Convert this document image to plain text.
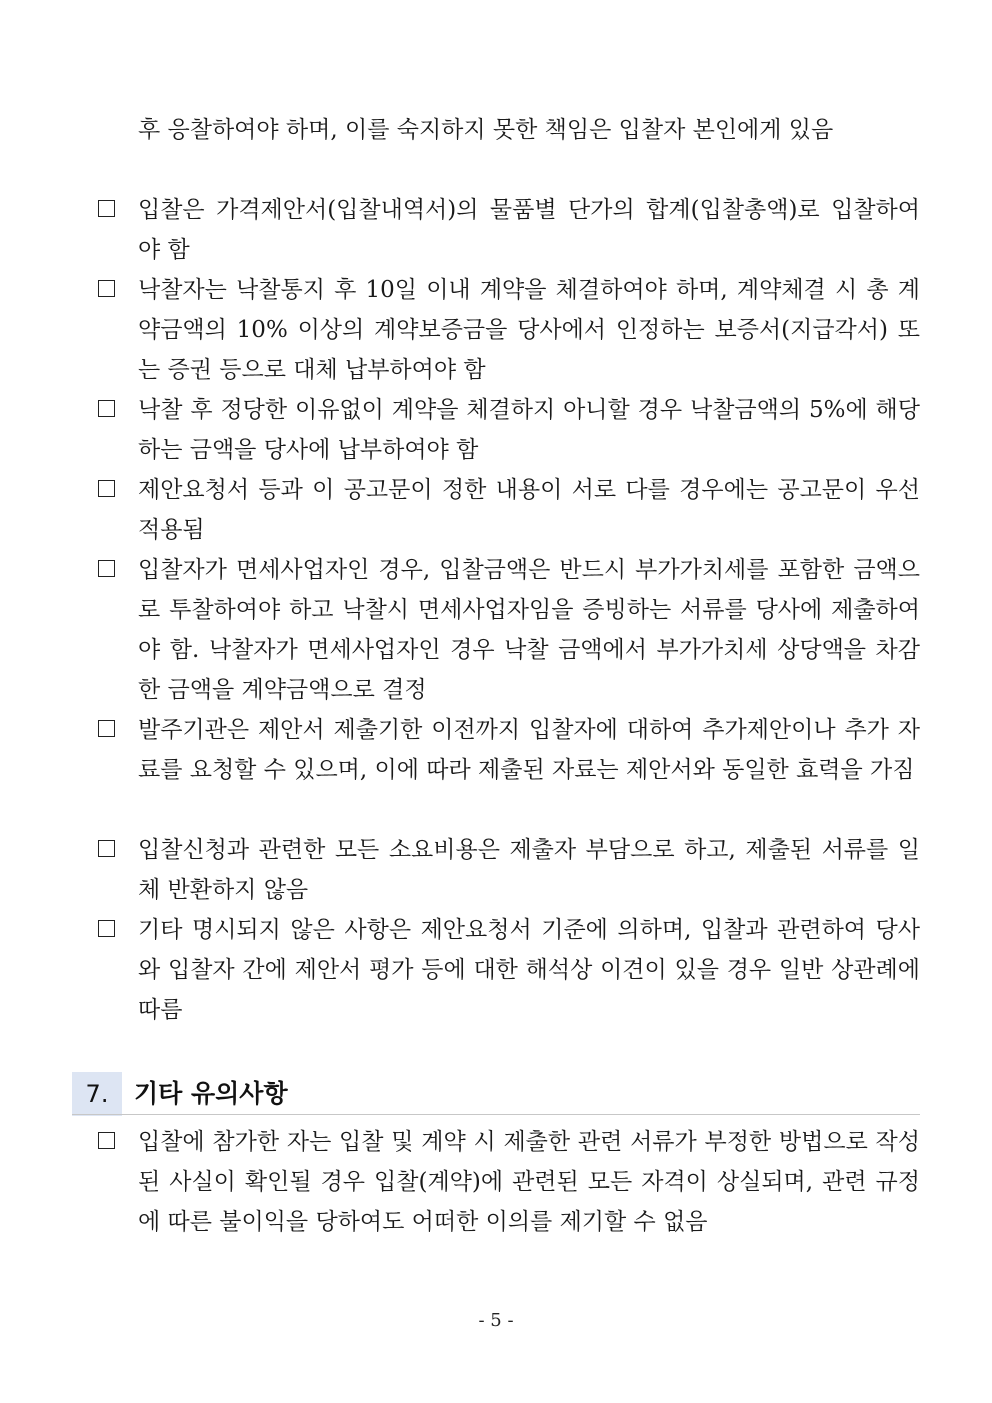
후 응찰하여야 하며, 이를 숙지하지 못한 책임은 입찰자 본인에게 있음

입찰은 가격제안서(입찰내역서)의 물품별 단가의 합계(입찰총액)로 입찰하여야 함

낙찰자는 낙찰통지 후 10일 이내 계약을 체결하여야 하며, 계약체결 시 총 계약금액의 10% 이상의 계약보증금을 당사에서 인정하는 보증서(지급각서) 또는 증권 등으로 대체 납부하여야 함

낙찰 후 정당한 이유없이 계약을 체결하지 아니할 경우 낙찰금액의 5%에 해당하는 금액을 당사에 납부하여야 함

제안요청서 등과 이 공고문이 정한 내용이 서로 다를 경우에는 공고문이 우선 적용됨

입찰자가 면세사업자인 경우, 입찰금액은 반드시 부가가치세를 포함한 금액으로 투찰하여야 하고 낙찰시 면세사업자임을 증빙하는 서류를 당사에 제출하여야 함. 낙찰자가 면세사업자인 경우 낙찰 금액에서 부가가치세 상당액을 차감한 금액을 계약금액으로 결정

발주기관은 제안서 제출기한 이전까지 입찰자에 대하여 추가제안이나 추가 자료를 요청할 수 있으며, 이에 따라 제출된 자료는 제안서와 동일한 효력을 가짐

입찰신청과 관련한 모든 소요비용은 제출자 부담으로 하고, 제출된 서류를 일체 반환하지 않음

기타 명시되지 않은 사항은 제안요청서 기준에 의하며, 입찰과 관련하여 당사와 입찰자 간에 제안서 평가 등에 대한 해석상 이견이 있을 경우 일반 상관례에 따름

7.	기타 유의사항

입찰에 참가한 자는 입찰 및 계약 시 제출한 관련 서류가 부정한 방법으로 작성된 사실이 확인될 경우 입찰(계약)에 관련된 모든 자격이 상실되며, 관련 규정에 따른 불이익을 당하여도 어떠한 이의를 제기할 수 없음

- 5 -
